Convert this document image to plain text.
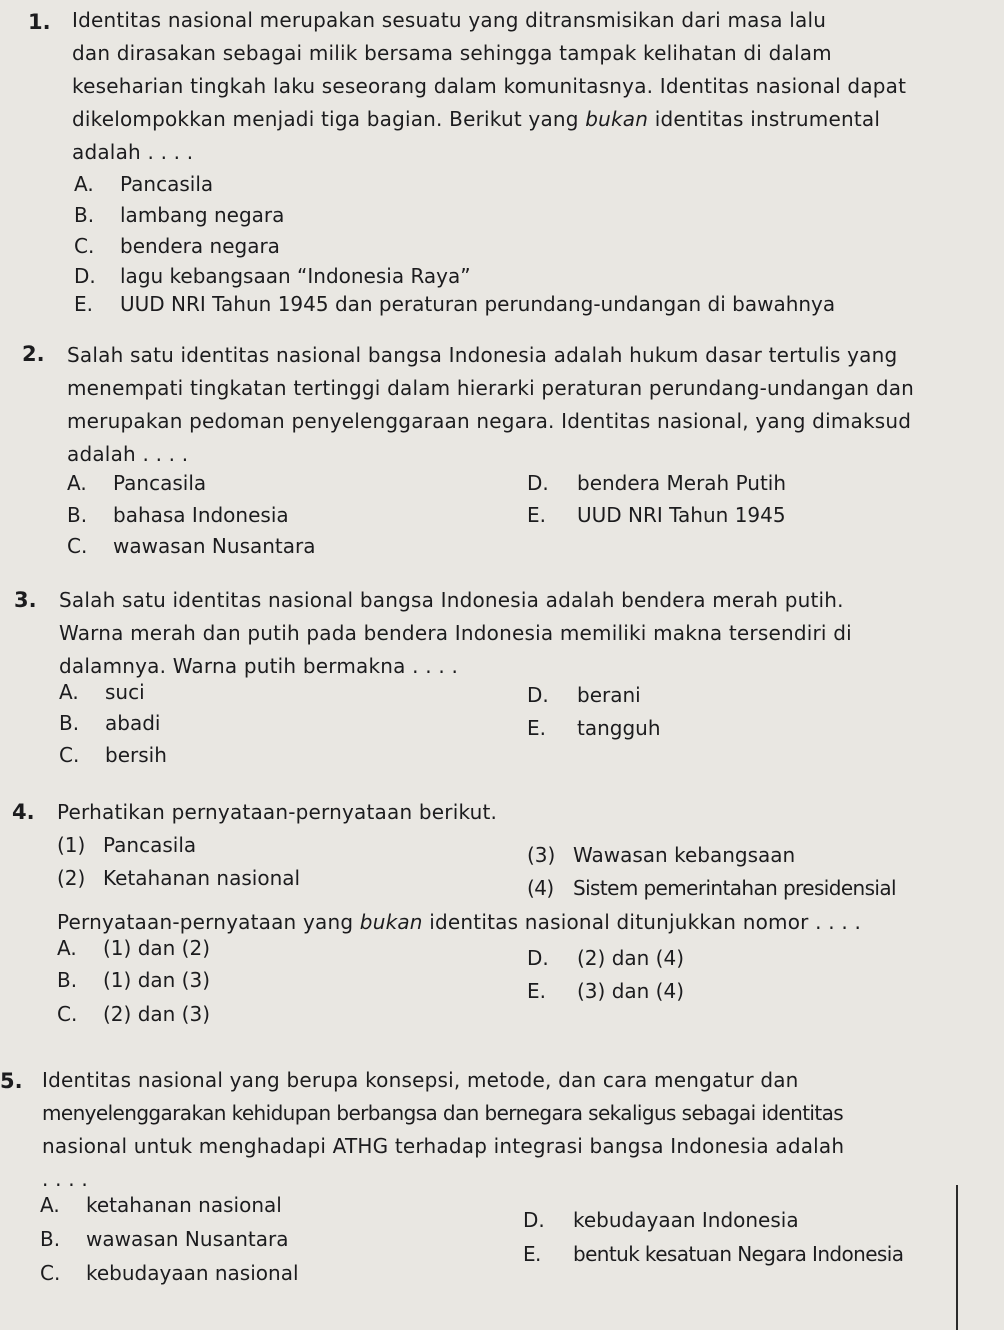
1. Identitas nasional merupakan sesuatu yang ditransmisikan dari masa lalu

dan dirasakan sebagai milik bersama sehingga tampak kelihatan di dalam

keseharian tingkah laku seseorang dalam komunitasnya. Identitas nasional dapat

dikelompokkan menjadi tiga bagian. Berikut yang bukan identitas instrumental

adalah . . . .

A.	Pancasila
B.	lambang negara
C.	bendera negara
D.	lagu kebangsaan “Indonesia Raya”
E.	UUD NRI Tahun 1945 dan peraturan perundang-undangan di bawahnya
2. Salah satu identitas nasional bangsa Indonesia adalah hukum dasar tertulis yang

menempati tingkatan tertinggi dalam hierarki peraturan perundang-undangan dan

merupakan pedoman penyelenggaraan negara. Identitas nasional, yang dimaksud

adalah . . . .

A.	Pancasila
B.	bahasa Indonesia
C.	wawasan Nusantara
D.	bendera Merah Putih
E.	UUD NRI Tahun 1945
3. Salah satu identitas nasional bangsa Indonesia adalah bendera merah putih.

Warna merah dan putih pada bendera Indonesia memiliki makna tersendiri di

dalamnya. Warna putih bermakna . . . .

A.	suci
B.	abadi
C.	bersih
D.	berani
E.	tangguh
4. Perhatikan pernyataan-pernyataan berikut.

(1) Pancasila
(2) Ketahanan nasional
(3) Wawasan kebangsaan
(4) Sistem pemerintahan presidensial

Pernyataan-pernyataan yang bukan identitas nasional ditunjukkan nomor . . . .

A.	(1) dan (2)
B.	(1) dan (3)
C.	(2) dan (3)
D.	(2) dan (4)
E.	(3) dan (4)
5. Identitas nasional yang berupa konsepsi, metode, dan cara mengatur dan

menyelenggarakan kehidupan berbangsa dan bernegara sekaligus sebagai identitas

nasional untuk menghadapi ATHG terhadap integrasi bangsa Indonesia adalah

. . . .

A.	ketahanan nasional
B.	wawasan Nusantara
C.	kebudayaan nasional
D.	kebudayaan Indonesia
E.	bentuk kesatuan Negara Indonesia
